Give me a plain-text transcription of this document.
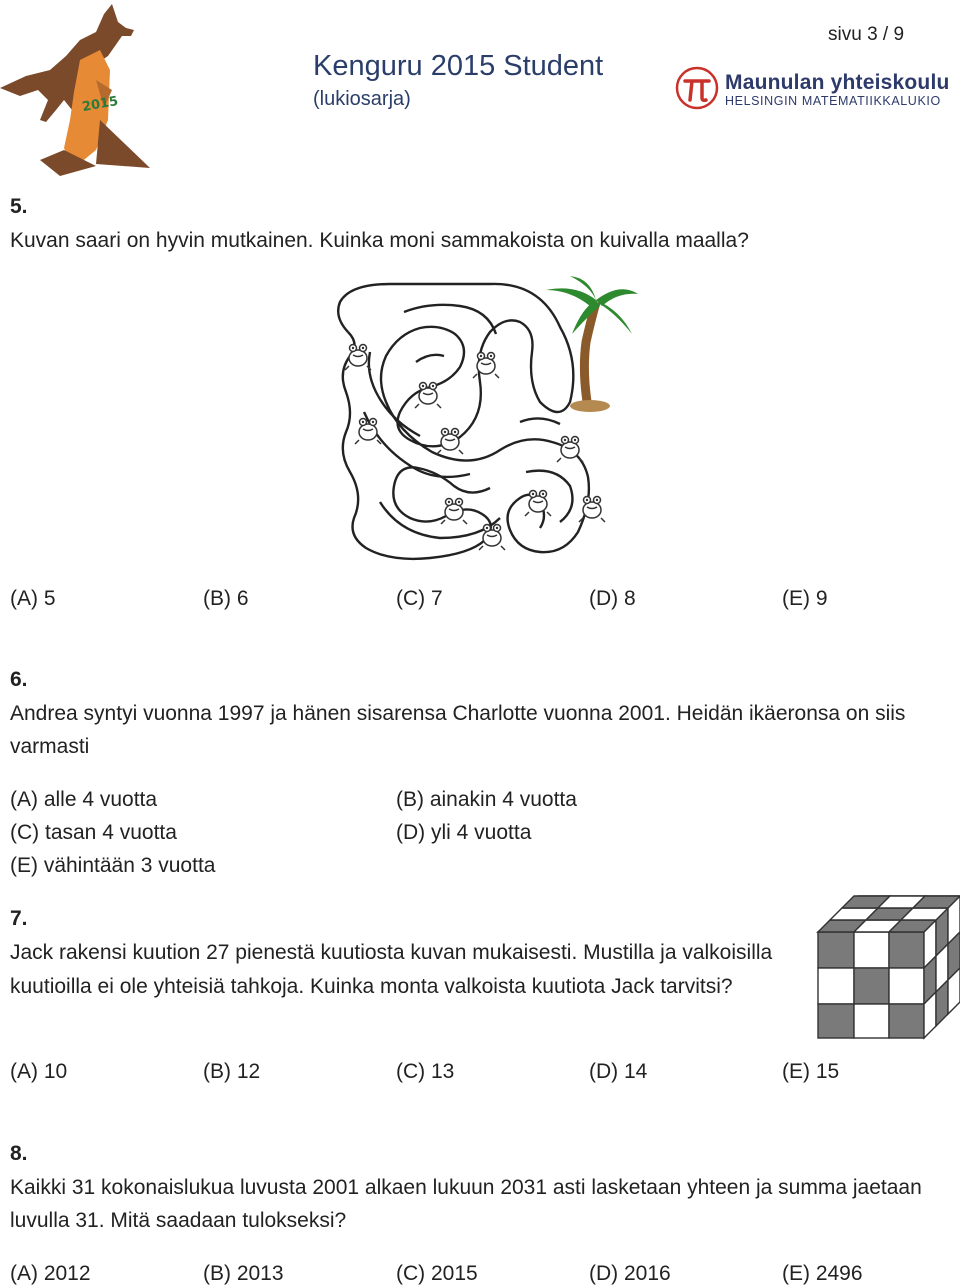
2015
sivu 3 / 9
Kenguru 2015 Student
(lukiosarja)
Maunulan yhteiskoulu
HELSINGIN MATEMATIIKKALUKIO
5.
Kuvan saari on hyvin mutkainen. Kuinka moni sammakoista on kuivalla maalla?
(A) 5	(B) 6	(C) 7	(D) 8	(E) 9
6.
Andrea syntyi vuonna 1997 ja hänen sisarensa Charlotte vuonna 2001. Heidän ikäeronsa on siis
varmasti
(A) alle 4 vuotta	(B) ainakin 4 vuotta
(C) tasan 4 vuotta	(D) yli 4 vuotta
(E) vähintään 3 vuotta
7.
Jack rakensi kuution 27 pienestä kuutiosta kuvan mukaisesti. Mustilla ja valkoisilla
kuutioilla ei ole yhteisiä tahkoja. Kuinka monta valkoista kuutiota Jack tarvitsi?
(A) 10	(B) 12	(C) 13	(D) 14	(E) 15
8.
Kaikki 31 kokonaislukua luvusta 2001 alkaen lukuun 2031 asti lasketaan yhteen ja summa jaetaan
luvulla 31. Mitä saadaan tulokseksi?
(A) 2012	(B) 2013	(C) 2015	(D) 2016	(E) 2496
